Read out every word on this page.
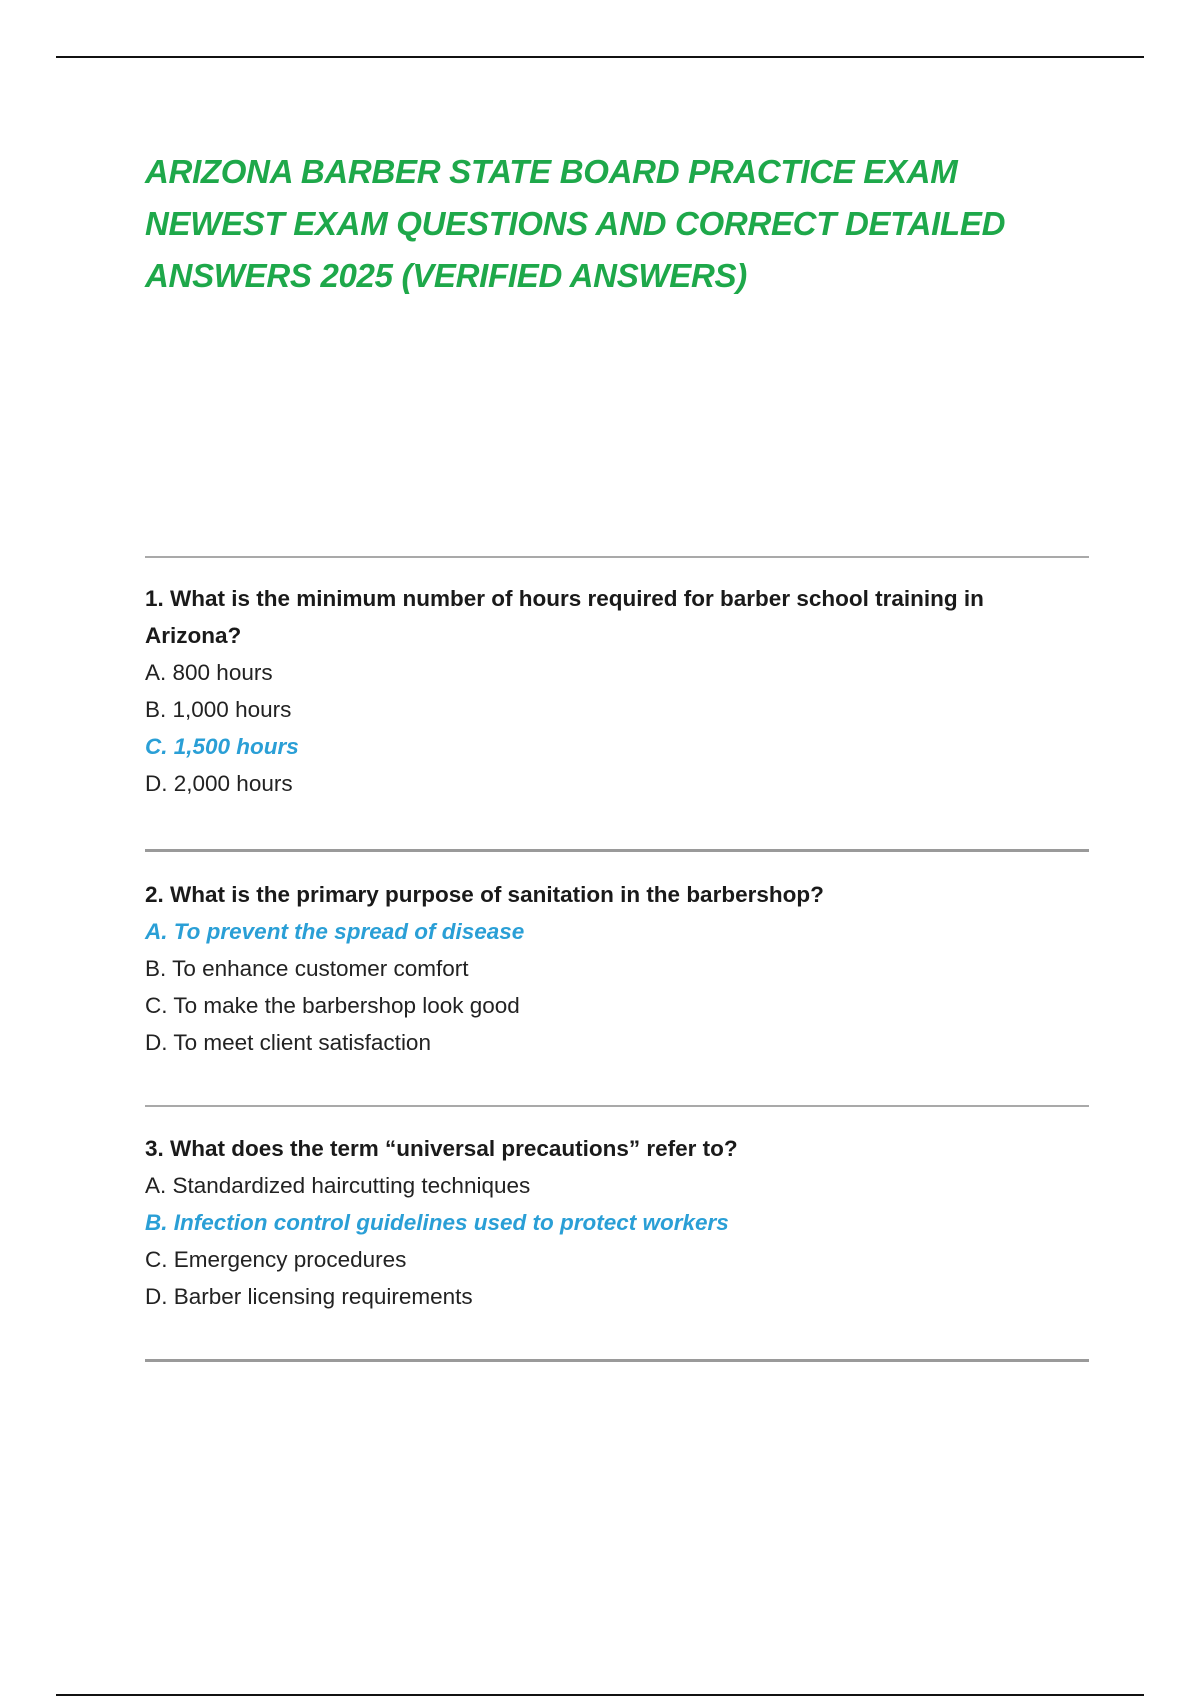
ARIZONA BARBER STATE BOARD PRACTICE EXAM
NEWEST EXAM QUESTIONS AND CORRECT DETAILED
ANSWERS 2025 (VERIFIED ANSWERS)

1. What is the minimum number of hours required for barber school training in
Arizona?

A. 800 hours

B. 1,000 hours

C. 1,500 hours

D. 2,000 hours

2. What is the primary purpose of sanitation in the barbershop?

A. To prevent the spread of disease

B. To enhance customer comfort

C. To make the barbershop look good

D. To meet client satisfaction

3. What does the term “universal precautions” refer to?

A. Standardized haircutting techniques

B. Infection control guidelines used to protect workers

C. Emergency procedures

D. Barber licensing requirements
